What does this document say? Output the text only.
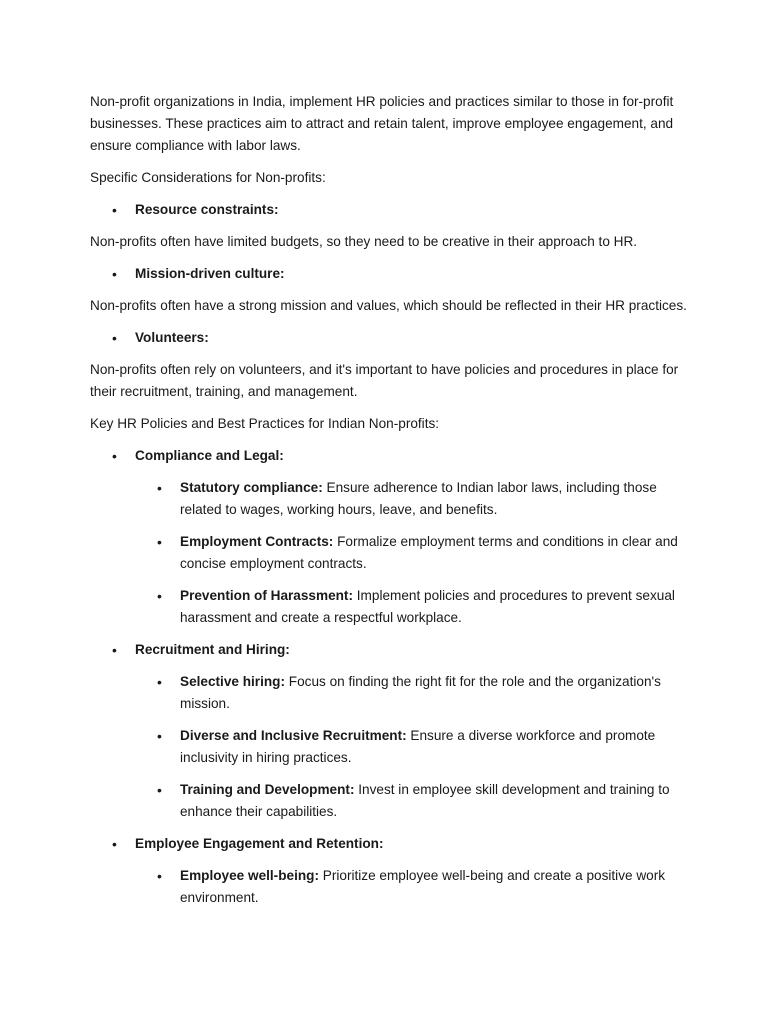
Non-profit organizations in India, implement HR policies and practices similar to those in for-profit businesses. These practices aim to attract and retain talent, improve employee engagement, and ensure compliance with labor laws.

Specific Considerations for Non-profits:

• Resource constraints:

Non-profits often have limited budgets, so they need to be creative in their approach to HR.

• Mission-driven culture:

Non-profits often have a strong mission and values, which should be reflected in their HR practices.

• Volunteers:

Non-profits often rely on volunteers, and it's important to have policies and procedures in place for their recruitment, training, and management.

Key HR Policies and Best Practices for Indian Non-profits:

• Compliance and Legal:
• Statutory compliance: Ensure adherence to Indian labor laws, including those related to wages, working hours, leave, and benefits.
• Employment Contracts: Formalize employment terms and conditions in clear and concise employment contracts.
• Prevention of Harassment: Implement policies and procedures to prevent sexual harassment and create a respectful workplace.
• Recruitment and Hiring:
• Selective hiring: Focus on finding the right fit for the role and the organization's mission.
• Diverse and Inclusive Recruitment: Ensure a diverse workforce and promote inclusivity in hiring practices.
• Training and Development: Invest in employee skill development and training to enhance their capabilities.
• Employee Engagement and Retention:
• Employee well-being: Prioritize employee well-being and create a positive work environment.
